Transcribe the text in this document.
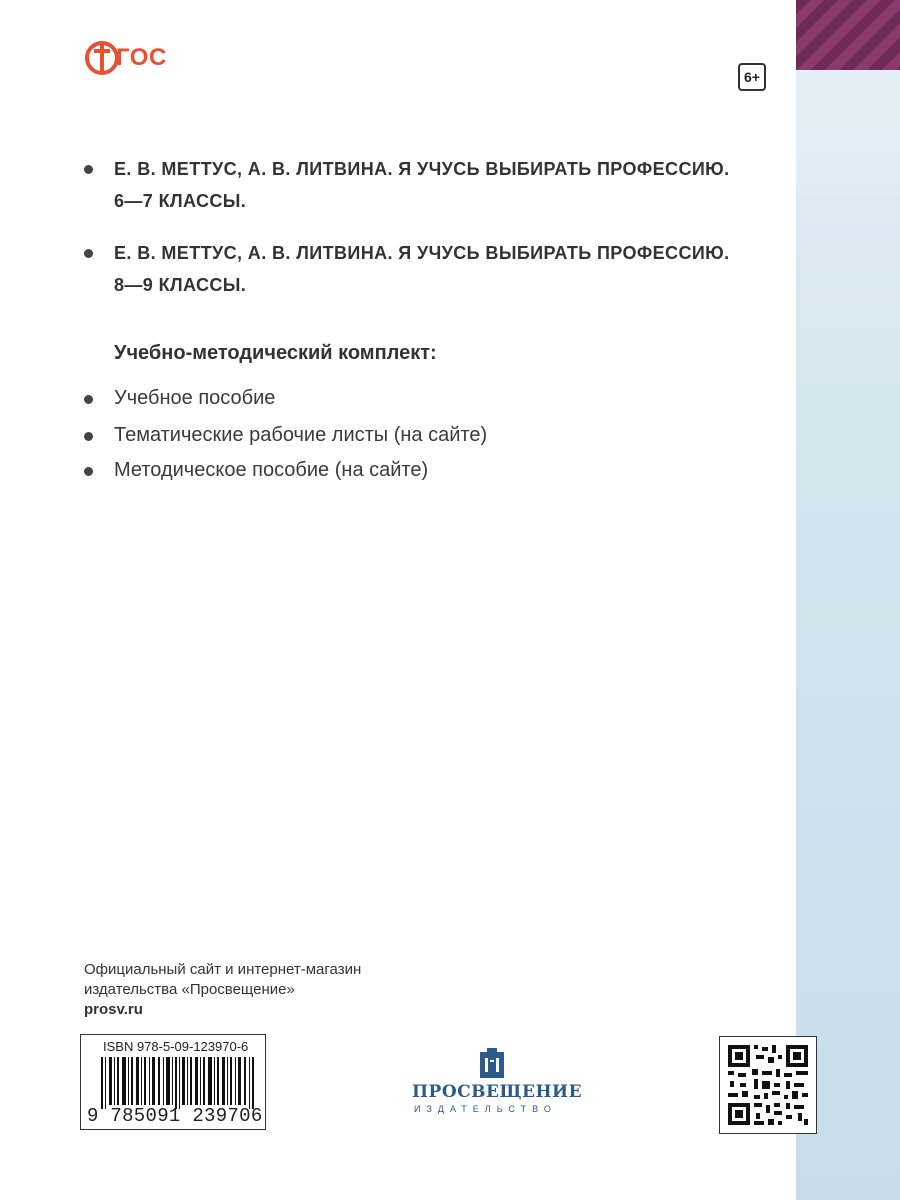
ГОС
6+
Е. В. МЕТТУС, А. В. ЛИТВИНА. Я УЧУСЬ ВЫБИРАТЬ ПРОФЕССИЮ.
6—7 КЛАССЫ.
Е. В. МЕТТУС, А. В. ЛИТВИНА. Я УЧУСЬ ВЫБИРАТЬ ПРОФЕССИЮ.
8—9 КЛАССЫ.
Учебно-методический комплект:
Учебное пособие
Тематические рабочие листы (на сайте)
Методическое пособие (на сайте)
Официальный сайт и интернет-магазин
издательства «Просвещение»
prosv.ru
ISBN 978-5-09-123970-6
9 785091 239706
ПРОСВЕЩЕНИЕ
ИЗДАТЕЛЬСТВО
